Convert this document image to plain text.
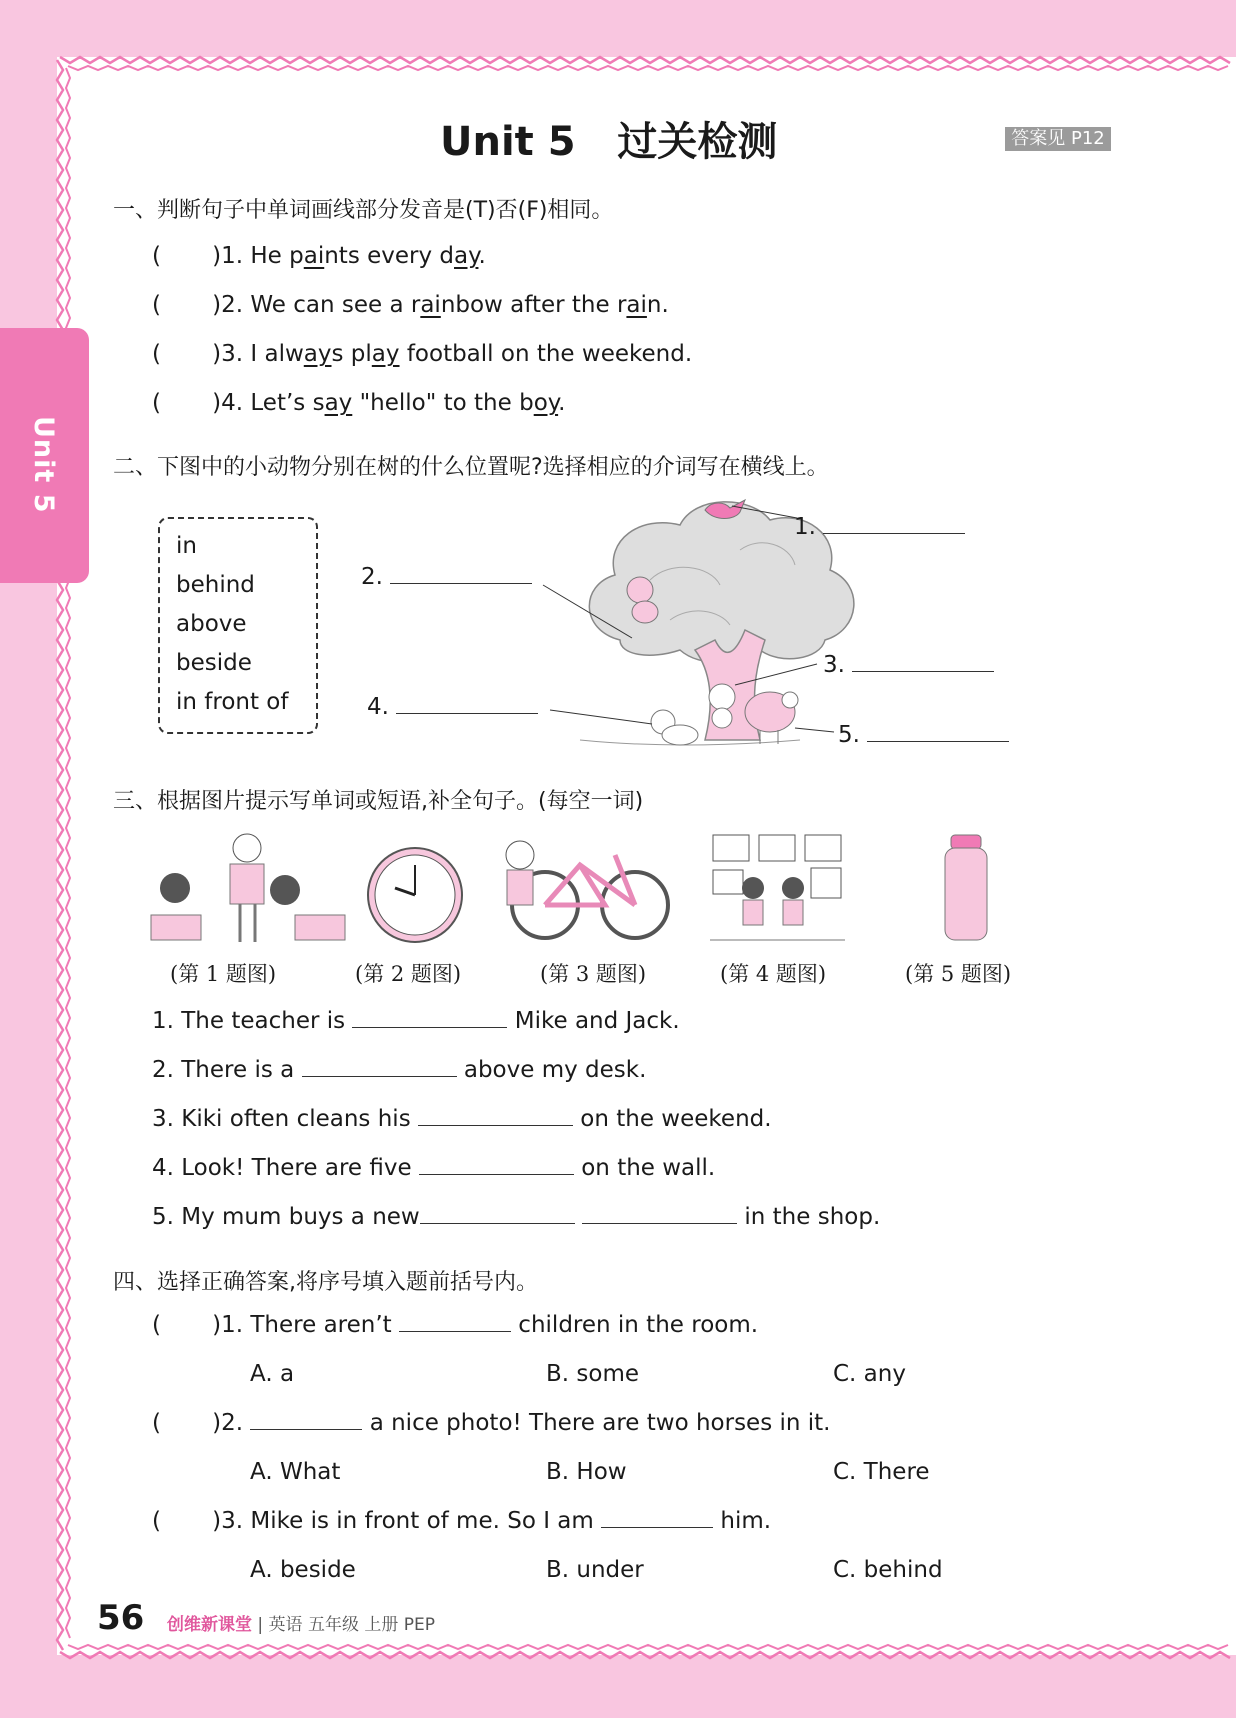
Unit 5
Unit 5   过关检测	答案见 P12
一、判断句子中单词画线部分发音是(T)否(F)相同。
(       )1. He paints every day.
(       )2. We can see a rainbow after the rain.
(       )3. I always play football on the weekend.
(       )4. Let’s say "hello" to the boy.
二、下图中的小动物分别在树的什么位置呢?选择相应的介词写在横线上。
in
behind
above
beside
in front of
1.
2.
3.
4.
5.
三、根据图片提示写单词或短语,补全句子。(每空一词)
(第 1 题图)	(第 2 题图)	(第 3 题图)	(第 4 题图)	(第 5 题图)
1. The teacher is	Mike and Jack.
2. There is a	above my desk.
3. Kiki often cleans his	on the weekend.
4. Look! There are five	on the wall.
5. My mum buys a new	in the shop.
四、选择正确答案,将序号填入题前括号内。
(       )1. There aren’t	children in the room.
A. a	B. some	C. any
(       )2.	a nice photo! There are two horses in it.
A. What	B. How	C. There
(       )3. Mike is in front of me. So I am	him.
A. beside	B. under	C. behind
56 创维新课堂 | 英语 五年级 上册 PEP
